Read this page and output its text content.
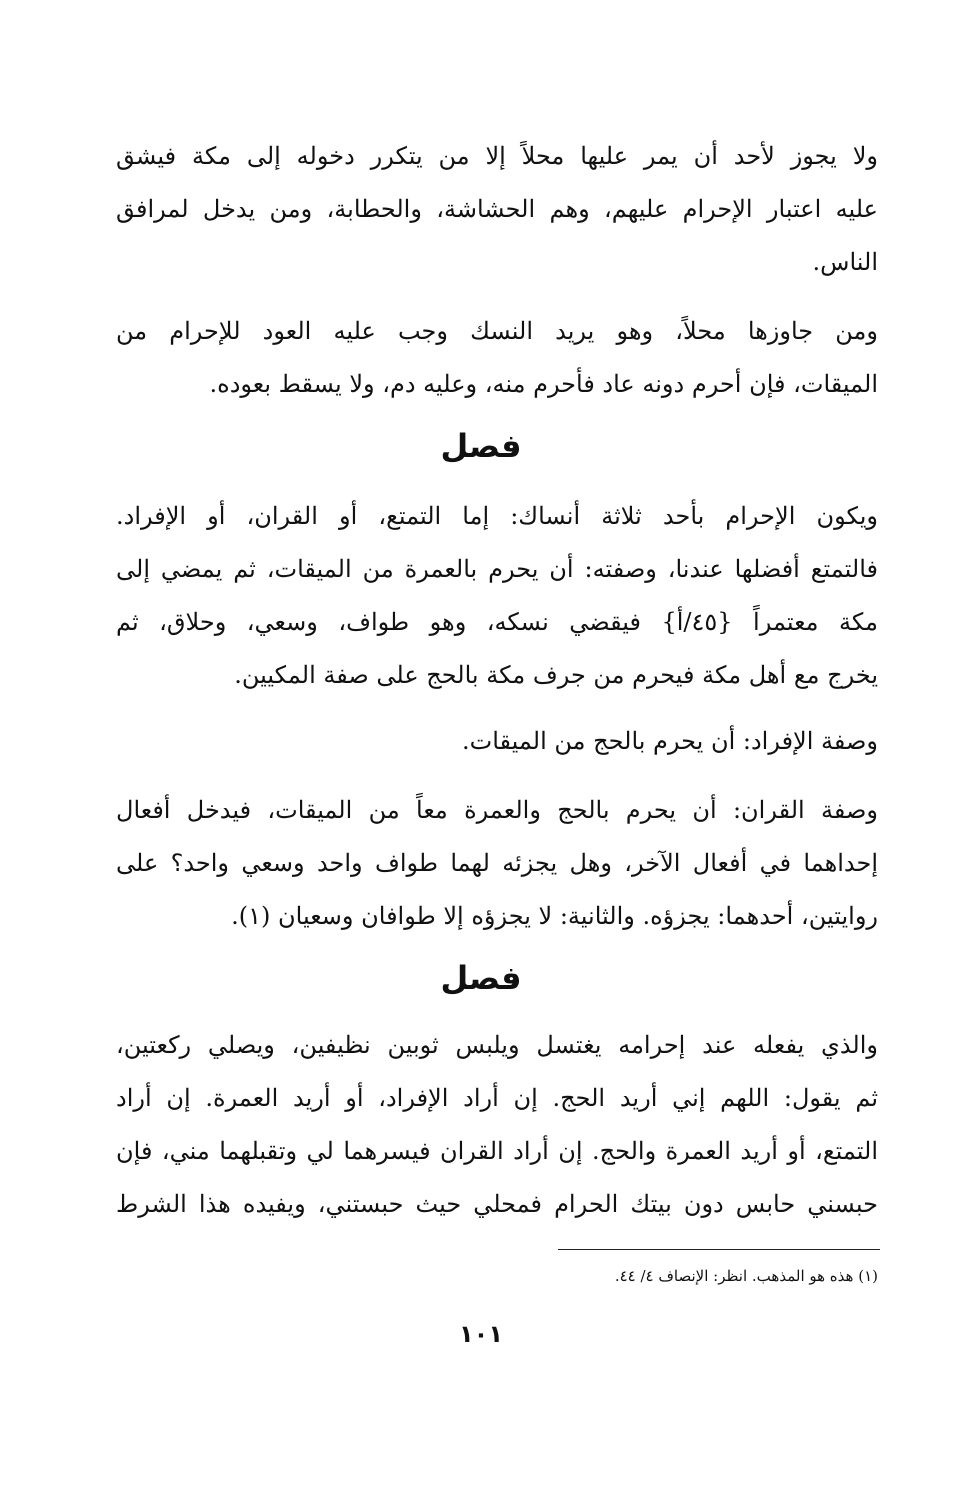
ولا يجوز لأحد أن يمر عليها محلاً إلا من يتكرر دخوله إلى مكة فيشق
عليه اعتبار الإحرام عليهم، وهم الحشاشة، والحطابة، ومن يدخل لمرافق
الناس.
ومن جاوزها محلاً، وهو يريد النسك وجب عليه العود للإحرام من
الميقات، فإن أحرم دونه عاد فأحرم منه، وعليه دم، ولا يسقط بعوده.
فصل
ويكون الإحرام بأحد ثلاثة أنساك: إما التمتع، أو القران، أو الإفراد.
فالتمتع أفضلها عندنا، وصفته: أن يحرم بالعمرة من الميقات، ثم يمضي إلى
مكة معتمراً {٤٥/أ} فيقضي نسكه، وهو طواف، وسعي، وحلاق، ثم
يخرج مع أهل مكة فيحرم من جرف مكة بالحج على صفة المكيين.
وصفة الإفراد: أن يحرم بالحج من الميقات.
وصفة القران: أن يحرم بالحج والعمرة معاً من الميقات، فيدخل أفعال
إحداهما في أفعال الآخر، وهل يجزئه لهما طواف واحد وسعي واحد؟ على
روايتين، أحدهما: يجزؤه. والثانية: لا يجزؤه إلا طوافان وسعيان (١).
فصل
والذي يفعله عند إحرامه يغتسل ويلبس ثوبين نظيفين، ويصلي ركعتين،
ثم يقول: اللهم إني أريد الحج. إن أراد الإفراد، أو أريد العمرة. إن أراد
التمتع، أو أريد العمرة والحج. إن أراد القران فيسرهما لي وتقبلهما مني، فإن
حبسني حابس دون بيتك الحرام فمحلي حيث حبستني، ويفيده هذا الشرط
(١) هذه هو المذهب. انظر: الإنصاف ٤/ ٤٤.
١٠١
